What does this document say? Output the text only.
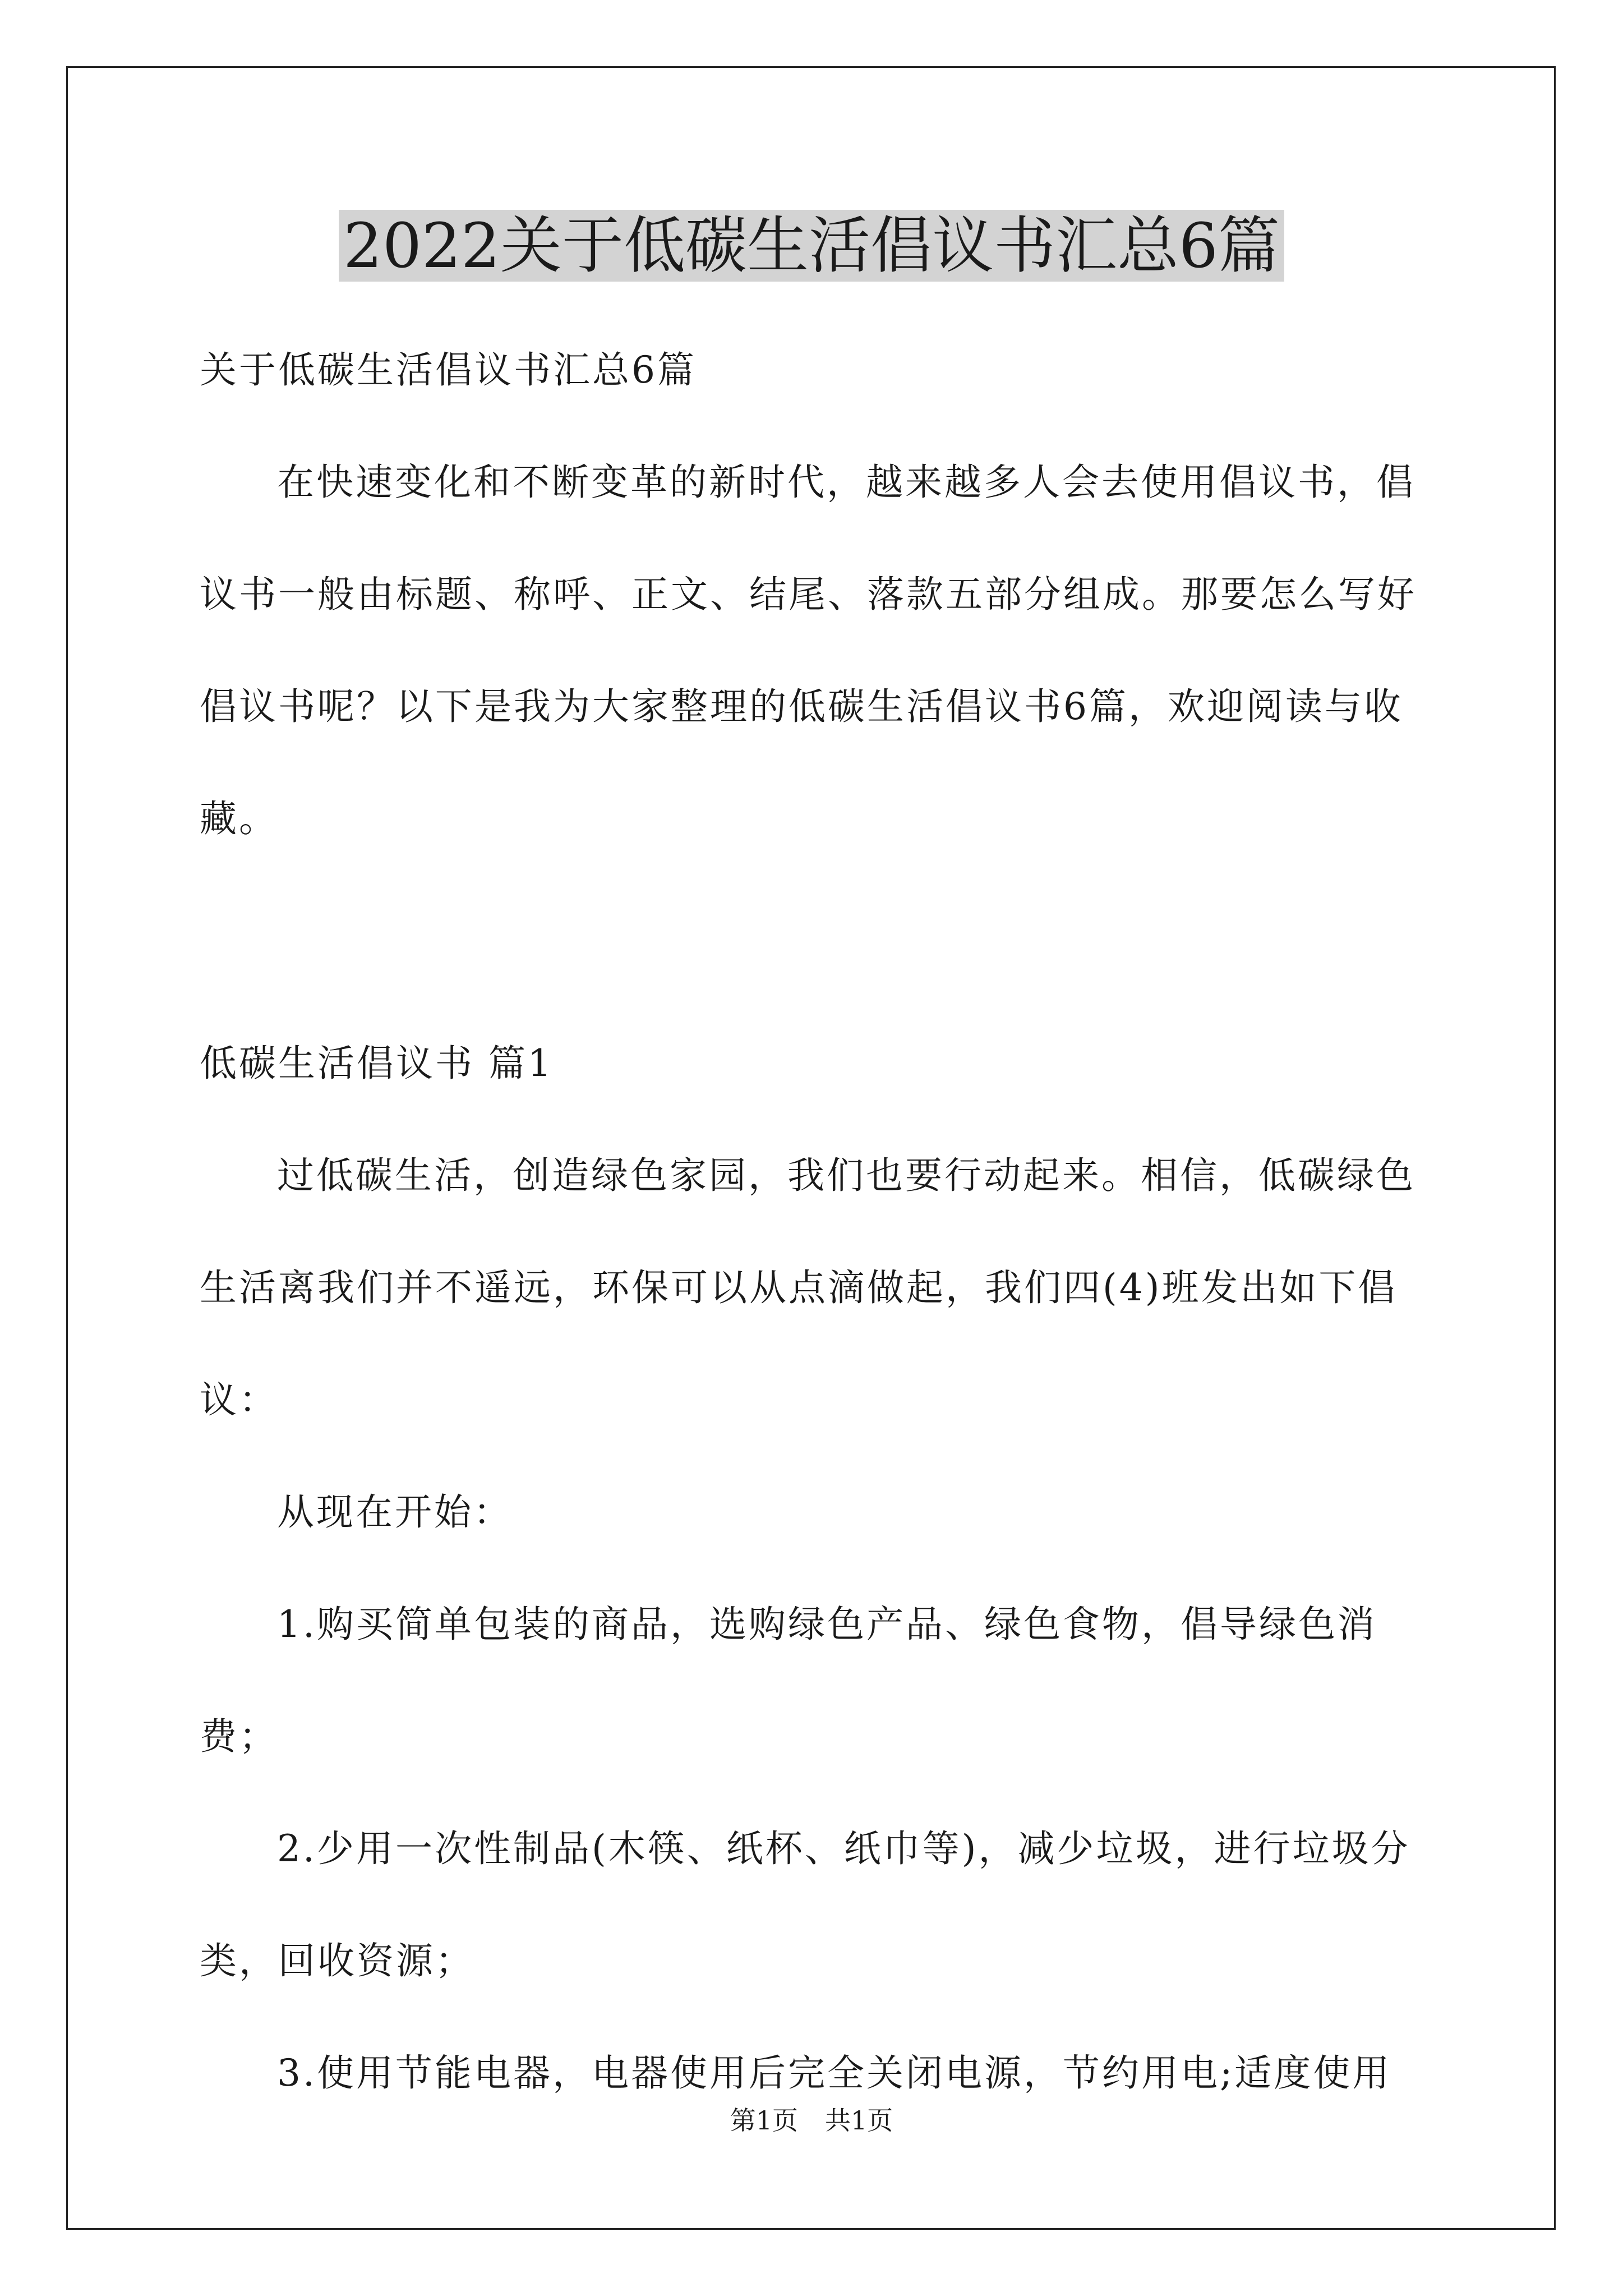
2022关于低碳生活倡议书汇总6篇

关于低碳生活倡议书汇总6篇

在快速变化和不断变革的新时代，越来越多人会去使用倡议书，倡议书一般由标题、称呼、正文、结尾、落款五部分组成。那要怎么写好倡议书呢？以下是我为大家整理的低碳生活倡议书6篇，欢迎阅读与收藏。

低碳生活倡议书 篇1

过低碳生活，创造绿色家园，我们也要行动起来。相信，低碳绿色生活离我们并不遥远，环保可以从点滴做起，我们四(4)班发出如下倡议：

从现在开始：

1.购买简单包装的商品，选购绿色产品、绿色食物，倡导绿色消费；

2.少用一次性制品(木筷、纸杯、纸巾等)，减少垃圾，进行垃圾分类，回收资源；

3.使用节能电器，电器使用后完全关闭电源，节约用电;适度使用

第1页 共1页
